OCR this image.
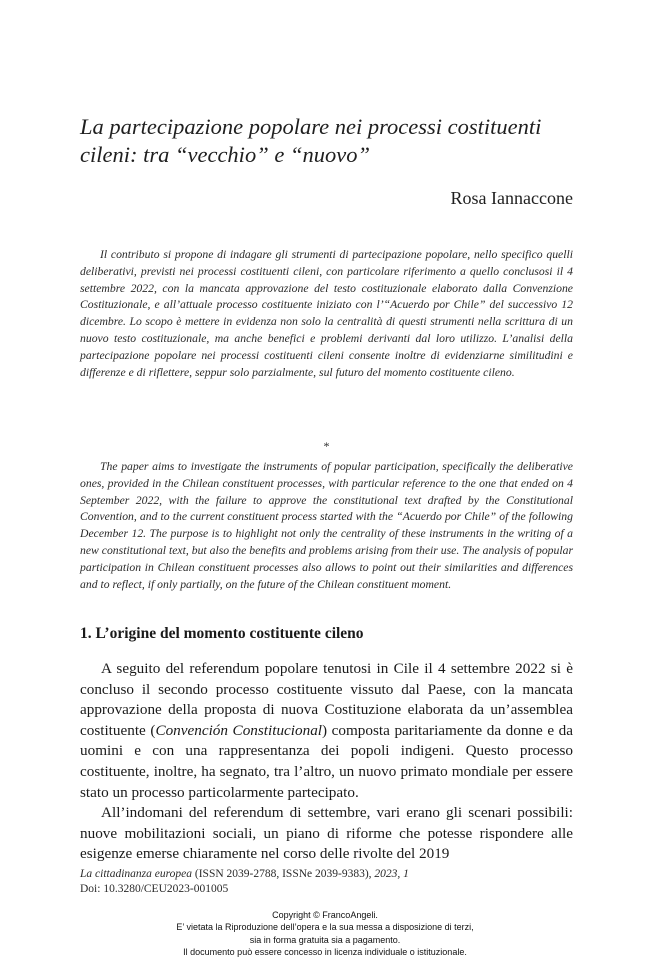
La partecipazione popolare nei processi costituenti cileni: tra “vecchio” e “nuovo”
Rosa Iannaccone

Il contributo si propone di indagare gli strumenti di partecipazione popolare, nello specifico quelli deliberativi, previsti nei processi costituenti cileni, con particolare riferimento a quello conclusosi il 4 settembre 2022, con la mancata approvazione del testo costituzionale elaborato dalla Convenzione Costituzionale, e all’attuale processo costituente iniziato con l’“Acuerdo por Chile” del successivo 12 dicembre. Lo scopo è mettere in evidenza non solo la centralità di questi strumenti nella scrittura di un nuovo testo costituzionale, ma anche benefici e problemi derivanti dal loro utilizzo. L’analisi della partecipazione popolare nei processi costituenti cileni consente inoltre di evidenziarne similitudini e differenze e di riflettere, seppur solo parzialmente, sul futuro del momento costituente cileno.

*

The paper aims to investigate the instruments of popular participation, specifically the deliberative ones, provided in the Chilean constituent processes, with particular reference to the one that ended on 4 September 2022, with the failure to approve the constitutional text drafted by the Constitutional Convention, and to the current constituent process started with the “Acuerdo por Chile” of the following December 12. The purpose is to highlight not only the centrality of these instruments in the writing of a new constitutional text, but also the benefits and problems arising from their use. The analysis of popular participation in Chilean constituent processes also allows to point out their similarities and differences and to reflect, if only partially, on the future of the Chilean constituent moment.

1. L’origine del momento costituente cileno

A seguito del referendum popolare tenutosi in Cile il 4 settembre 2022 si è concluso il secondo processo costituente vissuto dal Paese, con la mancata approvazione della proposta di nuova Costituzione elaborata da un’assemblea costituente (Convención Constitucional) composta paritariamente da donne e da uomini e con una rappresentanza dei popoli indigeni. Questo processo costituente, inoltre, ha segnato, tra l’altro, un nuovo primato mondiale per essere stato un processo particolarmente partecipato.

All’indomani del referendum di settembre, vari erano gli scenari possibili: nuove mobilitazioni sociali, un piano di riforme che potesse rispondere alle esigenze emerse chiaramente nel corso delle rivolte del 2019

La cittadinanza europea (ISSN 2039-2788, ISSNe 2039-9383), 2023, 1
Doi: 10.3280/CEU2023-001005
Copyright © FrancoAngeli.
E’ vietata la Riproduzione dell’opera e la sua messa a disposizione di terzi,
sia in forma gratuita sia a pagamento.
Il documento può essere concesso in licenza individuale o istituzionale.
